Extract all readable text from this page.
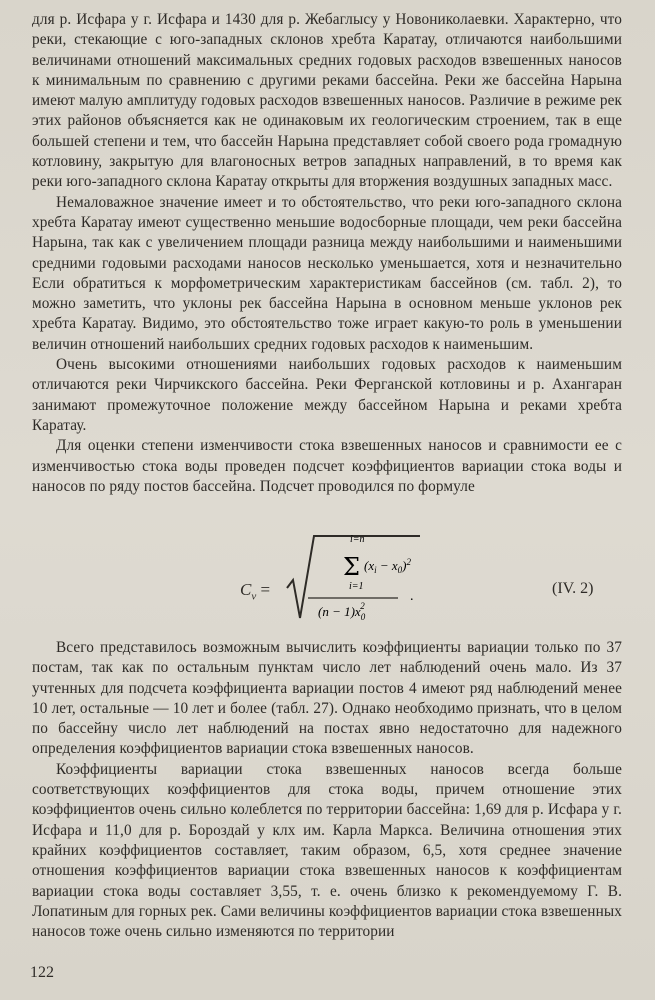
для р. Исфара у г. Исфара и 1430 для р. Жебаглысу у Новониколаевки. Характерно, что реки, стекающие с юго-западных склонов хребта Каратау, отличаются наибольшими величинами отношений максимальных средних годовых расходов взвешенных наносов к минимальным по сравнению с другими реками бассейна. Реки же бассейна Нарына имеют малую амплитуду годовых расходов взвешенных наносов. Различие в режиме рек этих районов объясняется как не одинаковым их геологическим строением, так в еще большей степени и тем, что бассейн Нарына представляет собой своего рода громадную котловину, закрытую для влагоносных ветров западных направлений, в то время как реки юго-западного склона Каратау открыты для вторжения воздушных западных масс.

Немаловажное значение имеет и то обстоятельство, что реки юго-западного склона хребта Каратау имеют существенно меньшие водосборные площади, чем реки бассейна Нарына, так как с увеличением площади разница между наибольшими и наименьшими средними годовыми расходами наносов несколько уменьшается, хотя и незначительно Если обратиться к морфометрическим характеристикам бассейнов (см. табл. 2), то можно заметить, что уклоны рек бассейна Нарына в основном меньше уклонов рек хребта Каратау. Видимо, это обстоятельство тоже играет какую-то роль в уменьшении величин отношений наибольших средних годовых расходов к наименьшим.

Очень высокими отношениями наибольших годовых расходов к наименьшим отличаются реки Чирчикского бассейна. Реки Ферганской котловины и р. Ахангаран занимают промежуточное положение между бассейном Нарына и реками хребта Каратау.

Для оценки степени изменчивости стока взвешенных наносов и сравнимости ее с изменчивостью стока воды проведен подсчет коэффициентов вариации стока воды и наносов по ряду постов бассейна. Подсчет проводился по формуле

$C_v$ =
i=n
Σ
i=1
$(x_i - x_0)^2$
$(n - 1)x_02$
.	(IV. 2)

Всего представилось возможным вычислить коэффициенты вариации только по 37 постам, так как по остальным пунктам число лет наблюдений очень мало. Из 37 учтенных для подсчета коэффициента вариации постов 4 имеют ряд наблюдений менее 10 лет, остальные — 10 лет и более (табл. 27). Однако необходимо признать, что в целом по бассейну число лет наблюдений на постах явно недостаточно для надежного определения коэффициентов вариации стока взвешенных наносов.

Коэффициенты вариации стока взвешенных наносов всегда больше соответствующих коэффициентов для стока воды, причем отношение этих коэффициентов очень сильно колеблется по территории бассейна: 1,69 для р. Исфара у г. Исфара и 11,0 для р. Бороздай у клх им. Карла Маркса. Величина отношения этих крайних коэффициентов составляет, таким образом, 6,5, хотя среднее значение отношения коэффициентов вариации стока взвешенных наносов к коэффициентам вариации стока воды составляет 3,55, т. е. очень близко к рекомендуемому Г. В. Лопатиным для горных рек. Сами величины коэффициентов вариации стока взвешенных наносов тоже очень сильно изменяются по территории

122
